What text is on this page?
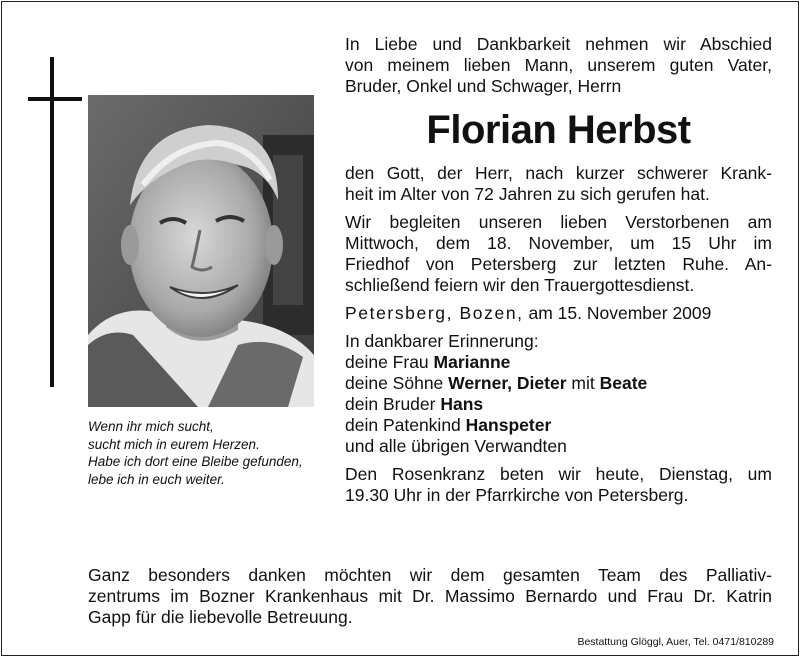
Wenn ihr mich sucht,
sucht mich in eurem Herzen.
Habe ich dort eine Bleibe gefunden,
lebe ich in euch weiter.

In Liebe und Dankbarkeit nehmen wir Abschied
von meinem lieben Mann, unserem guten Vater,
Bruder, Onkel und Schwager, Herrn

Florian Herbst

den Gott, der Herr, nach kurzer schwerer Krank-
heit im Alter von 72 Jahren zu sich gerufen hat.

Wir begleiten unseren lieben Verstorbenen am
Mittwoch, dem 18. November, um 15 Uhr im
Friedhof von Petersberg zur letzten Ruhe. An-
schließend feiern wir den Trauergottesdienst.

Petersberg, Bozen, am 15. November 2009

In dankbarer Erinnerung:
deine Frau Marianne
deine Söhne Werner, Dieter mit Beate
dein Bruder Hans
dein Patenkind Hanspeter
und alle übrigen Verwandten

Den Rosenkranz beten wir heute, Dienstag, um
19.30 Uhr in der Pfarrkirche von Petersberg.

Ganz besonders danken möchten wir dem gesamten Team des Palliativ-
zentrums im Bozner Krankenhaus mit Dr. Massimo Bernardo und Frau Dr. Katrin
Gapp für die liebevolle Betreuung.
Bestattung Glöggl, Auer, Tel. 0471/810289
